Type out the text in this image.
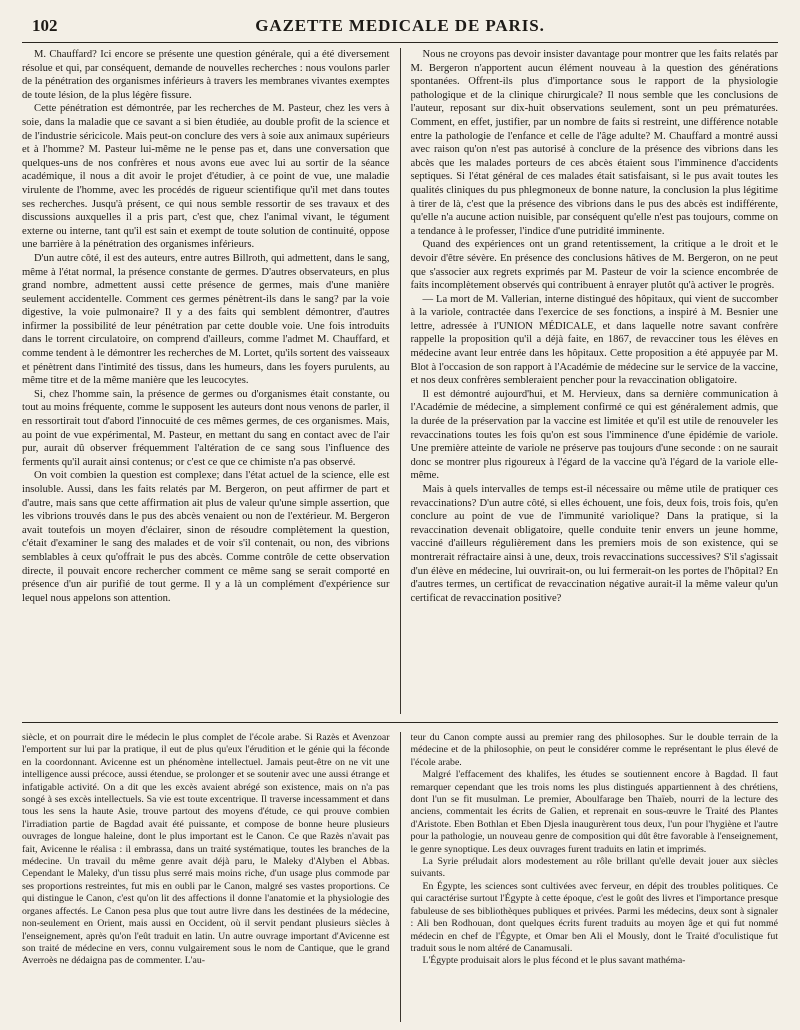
102	GAZETTE MEDICALE DE PARIS.

M. Chauffard? Ici encore se présente une question générale, qui a été diversement résolue et qui, par conséquent, demande de nouvelles recherches : nous voulons parler de la pénétration des organismes inférieurs à travers les membranes vivantes exemptes de toute lésion, de la plus légère fissure.

Cette pénétration est démontrée, par les recherches de M. Pasteur, chez les vers à soie, dans la maladie que ce savant a si bien étudiée, au double profit de la science et de l'industrie séricicole. Mais peut-on conclure des vers à soie aux animaux supérieurs et à l'homme? M. Pasteur lui-même ne le pense pas et, dans une conversation que quelques-uns de nos confrères et nous avons eue avec lui au sortir de la séance académique, il nous a dit avoir le projet d'étudier, à ce point de vue, une maladie virulente de l'homme, avec les procédés de rigueur scientifique qu'il met dans toutes ses recherches. Jusqu'à présent, ce qui nous semble ressortir de ses travaux et des discussions auxquelles il a pris part, c'est que, chez l'animal vivant, le tégument externe ou interne, tant qu'il est sain et exempt de toute solution de continuité, oppose une barrière à la pénétration des organismes inférieurs.

D'un autre côté, il est des auteurs, entre autres Billroth, qui admettent, dans le sang, même à l'état normal, la présence constante de germes. D'autres observateurs, en plus grand nombre, admettent aussi cette présence de germes, mais d'une manière seulement accidentelle. Comment ces germes pénètrent-ils dans le sang? par la voie digestive, la voie pulmonaire? Il y a des faits qui semblent démontrer, d'autres infirmer la possibilité de leur pénétration par cette double voie. Une fois introduits dans le torrent circulatoire, on comprend d'ailleurs, comme l'admet M. Chauffard, et comme tendent à le démontrer les recherches de M. Lortet, qu'ils sortent des vaisseaux et pénètrent dans l'intimité des tissus, dans les humeurs, dans les foyers purulents, au même titre et de la même manière que les leucocytes.

Si, chez l'homme sain, la présence de germes ou d'organismes était constante, ou tout au moins fréquente, comme le supposent les auteurs dont nous venons de parler, il en ressortirait tout d'abord l'innocuité de ces mêmes germes, de ces organismes. Mais, au point de vue expérimental, M. Pasteur, en mettant du sang en contact avec de l'air pur, aurait dû observer fréquemment l'altération de ce sang sous l'influence des ferments qu'il aurait ainsi contenus; or c'est ce que ce chimiste n'a pas observé.

On voit combien la question est complexe; dans l'état actuel de la science, elle est insoluble. Aussi, dans les faits relatés par M. Bergeron, on peut affirmer de part et d'autre, mais sans que cette affirmation ait plus de valeur qu'une simple assertion, que les vibrions trouvés dans le pus des abcès venaient ou non de l'extérieur. M. Bergeron avait toutefois un moyen d'éclairer, sinon de résoudre complètement la question, c'était d'examiner le sang des malades et de voir s'il contenait, ou non, des vibrions semblables à ceux qu'offrait le pus des abcès. Comme contrôle de cette observation directe, il pouvait encore rechercher comment ce même sang se serait comporté en présence d'un air purifié de tout germe. Il y a là un complément d'expérience sur lequel nous appelons son attention.

Nous ne croyons pas devoir insister davantage pour montrer que les faits relatés par M. Bergeron n'apportent aucun élément nouveau à la question des générations spontanées. Offrent-ils plus d'importance sous le rapport de la physiologie pathologique et de la clinique chirurgicale? Il nous semble que les conclusions de l'auteur, reposant sur dix-huit observations seulement, sont un peu prématurées. Comment, en effet, justifier, par un nombre de faits si restreint, une différence notable entre la pathologie de l'enfance et celle de l'âge adulte? M. Chauffard a montré aussi avec raison qu'on n'est pas autorisé à conclure de la présence des vibrions dans les abcès que les malades porteurs de ces abcès étaient sous l'imminence d'accidents septiques. Si l'état général de ces malades était satisfaisant, si le pus avait toutes les qualités cliniques du pus phlegmoneux de bonne nature, la conclusion la plus légitime à tirer de là, c'est que la présence des vibrions dans le pus des abcès est indifférente, qu'elle n'a aucune action nuisible, par conséquent qu'elle n'est pas toujours, comme on a tendance à le professer, l'indice d'une putridité imminente.

Quand des expériences ont un grand retentissement, la critique a le droit et le devoir d'être sévère. En présence des conclusions hâtives de M. Bergeron, on ne peut que s'associer aux regrets exprimés par M. Pasteur de voir la science encombrée de faits incomplètement observés qui contribuent à enrayer plutôt qu'à activer le progrès.

— La mort de M. Vallerian, interne distingué des hôpitaux, qui vient de succomber à la variole, contractée dans l'exercice de ses fonctions, a inspiré à M. Besnier une lettre, adressée à l'UNION MÉDICALE, et dans laquelle notre savant confrère rappelle la proposition qu'il a déjà faite, en 1867, de revacciner tous les élèves en médecine avant leur entrée dans les hôpitaux. Cette proposition a été appuyée par M. Blot à l'occasion de son rapport à l'Académie de médecine sur le service de la vaccine, et nos deux confrères sembleraient pencher pour la revaccination obligatoire.

Il est démontré aujourd'hui, et M. Hervieux, dans sa dernière communication à l'Académie de médecine, a simplement confirmé ce qui est généralement admis, que la durée de la préservation par la vaccine est limitée et qu'il est utile de renouveler les revaccinations toutes les fois qu'on est sous l'imminence d'une épidémie de variole. Une première atteinte de variole ne préserve pas toujours d'une seconde : on ne saurait donc se montrer plus rigoureux à l'égard de la vaccine qu'à l'égard de la variole elle-même.

Mais à quels intervalles de temps est-il nécessaire ou même utile de pratiquer ces revaccinations? D'un autre côté, si elles échouent, une fois, deux fois, trois fois, qu'en conclure au point de vue de l'immunité variolique? Dans la pratique, si la revaccination devenait obligatoire, quelle conduite tenir envers un jeune homme, vacciné d'ailleurs régulièrement dans les premiers mois de son existence, qui se montrerait réfractaire ainsi à une, deux, trois revaccinations successives? S'il s'agissait d'un élève en médecine, lui ouvrirait-on, ou lui fermerait-on les portes de l'hôpital? En d'autres termes, un certificat de revaccination négative aurait-il la même valeur qu'un certificat de revaccination positive?

siècle, et on pourrait dire le médecin le plus complet de l'école arabe. Si Razès et Avenzoar l'emportent sur lui par la pratique, il eut de plus qu'eux l'érudition et le génie qui la féconde en la coordonnant. Avicenne est un phénomène intellectuel. Jamais peut-être on ne vit une intelligence aussi précoce, aussi étendue, se prolonger et se soutenir avec une aussi étrange et infatigable activité. On a dit que les excès avaient abrégé son existence, mais on n'a pas songé à ses excès intellectuels. Sa vie est toute excentrique. Il traverse incessamment et dans tous les sens la haute Asie, trouve partout des moyens d'étude, ce qui prouve combien l'irradiation partie de Bagdad avait été puissante, et compose de bonne heure plusieurs ouvrages de longue haleine, dont le plus important est le Canon. Ce que Razès n'avait pas fait, Avicenne le réalisa : il embrassa, dans un traité systématique, toutes les branches de la médecine. Un travail du même genre avait déjà paru, le Maleky d'Alyben el Abbas. Cependant le Maleky, d'un tissu plus serré mais moins riche, d'un usage plus commode par ses proportions restreintes, fut mis en oubli par le Canon, malgré ses vastes proportions. Ce qui distingue le Canon, c'est qu'on lit des affections il donne l'anatomie et la physiologie des organes affectés. Le Canon pesa plus que tout autre livre dans les destinées de la médecine, non-seulement en Orient, mais aussi en Occident, où il servit pendant plusieurs siècles à l'enseignement, après qu'on l'eût traduit en latin. Un autre ouvrage important d'Avicenne est son traité de médecine en vers, connu vulgairement sous le nom de Cantique, que le grand Averroès ne dédaigna pas de commenter. L'au-

teur du Canon compte aussi au premier rang des philosophes. Sur le double terrain de la médecine et de la philosophie, on peut le considérer comme le représentant le plus élevé de l'école arabe.

Malgré l'effacement des khalifes, les études se soutiennent encore à Bagdad. Il faut remarquer cependant que les trois noms les plus distingués appartiennent à des chrétiens, dont l'un se fit musulman. Le premier, Aboulfarage ben Thaïeb, nourri de la lecture des anciens, commentait les écrits de Galien, et reprenait en sous-œuvre le Traité des Plantes d'Aristote. Eben Bothlan et Eben Djesla inaugurèrent tous deux, l'un pour l'hygiène et l'autre pour la pathologie, un nouveau genre de composition qui dût être favorable à l'enseignement, le genre synoptique. Les deux ouvrages furent traduits en latin et imprimés.

La Syrie préludait alors modestement au rôle brillant qu'elle devait jouer aux siècles suivants.

En Égypte, les sciences sont cultivées avec ferveur, en dépit des troubles politiques. Ce qui caractérise surtout l'Égypte à cette époque, c'est le goût des livres et l'importance presque fabuleuse de ses bibliothèques publiques et privées. Parmi les médecins, deux sont à signaler : Ali ben Rodhouan, dont quelques écrits furent traduits au moyen âge et qui fut nommé médecin en chef de l'Égypte, et Omar ben Ali el Mously, dont le Traité d'oculistique fut traduit sous le nom altéré de Canamusali.

L'Égypte produisait alors le plus fécond et le plus savant mathéma-
